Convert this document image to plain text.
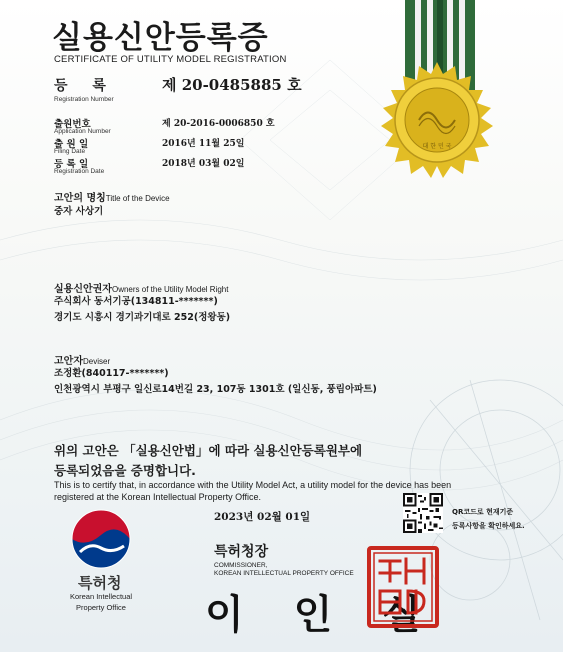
대 한 민 국
실용신안등록증
CERTIFICATE OF UTILITY MODEL REGISTRATION
등 록	제 20-0485885 호
Registration Number
출원번호
Application Number
제 20-2016-0006850 호
출 원 일
Filing Date
2016년 11월 25일
등 록 일
Registration Date
2018년 03월 02일
고안의 명칭Title of the Device
중자 사상기
실용신안권자Owners of the Utility Model Right
주식회사 동서기공(134811-*******)
경기도 시흥시 경기과기대로 252(정왕동)
고안자Deviser
조정환(840117-*******)
인천광역시 부평구 일신로14번길 23, 107동 1301호 (일신동, 풍림아파트)
위의 고안은 「실용신안법」에 따라 실용신안등록원부에
등록되었음을 증명합니다.
This is to certify that, in accordance with the Utility Model Act, a utility model for the device has been
registered at the Korean Intellectual Property Office.
2023년 02월 01일	QR코드로 현재기준
등록사항을 확인하세요.
특허청
Korean Intellectual
Property Office
특허청장
COMMISSIONER,
KOREAN INTELLECTUAL PROPERTY OFFICE
이 인 실
